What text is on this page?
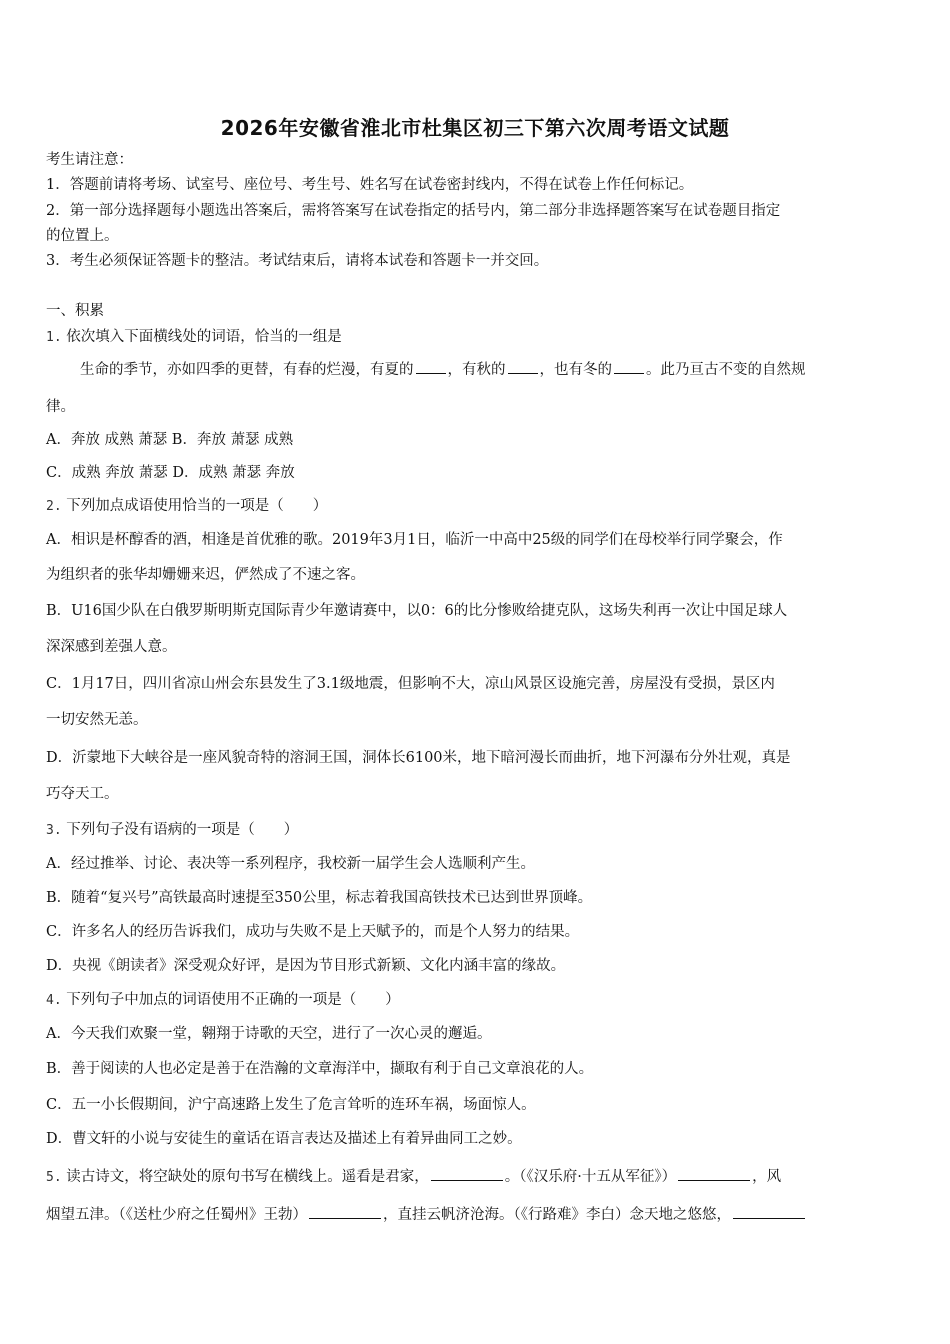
2026年安徽省淮北市杜集区初三下第六次周考语文试题
考生请注意：
1．答题前请将考场、试室号、座位号、考生号、姓名写在试卷密封线内，不得在试卷上作任何标记。
2．第一部分选择题每小题选出答案后，需将答案写在试卷指定的括号内，第二部分非选择题答案写在试卷题目指定
的位置上。
3．考生必须保证答题卡的整洁。考试结束后，请将本试卷和答题卡一并交回。
一、积累
1. 依次填入下面横线处的词语，恰当的一组是
生命的季节，亦如四季的更替，有春的烂漫，有夏的 ，有秋的 ，也有冬的 。此乃亘古不变的自然规
律。
A．奔放 成熟 萧瑟 B．奔放 萧瑟 成熟
C．成熟 奔放 萧瑟 D．成熟 萧瑟 奔放
2. 下列加点成语使用恰当的一项是（　　）
A．相识是杯醇香的酒，相逢是首优雅的歌。2019年3月1日，临沂一中高中25级的同学们在母校举行同学聚会，作
为组织者的张华却姗姗来迟，俨然成了不速之客。
B．U16国少队在白俄罗斯明斯克国际青少年邀请赛中，以0：6的比分惨败给捷克队，这场失利再一次让中国足球人
深深感到差强人意。
C．1月17日，四川省凉山州会东县发生了3.1级地震，但影响不大，凉山风景区设施完善，房屋没有受损，景区内
一切安然无恙。
D．沂蒙地下大峡谷是一座风貌奇特的溶洞王国，洞体长6100米，地下暗河漫长而曲折，地下河瀑布分外壮观，真是
巧夺天工。
3. 下列句子没有语病的一项是（　　）
A．经过推举、讨论、表决等一系列程序，我校新一届学生会人选顺利产生。
B．随着“复兴号”高铁最高时速提至350公里，标志着我国高铁技术已达到世界顶峰。
C．许多名人的经历告诉我们，成功与失败不是上天赋予的，而是个人努力的结果。
D．央视《朗读者》深受观众好评，是因为节目形式新颖、文化内涵丰富的缘故。
4. 下列句子中加点的词语使用不正确的一项是（　　）
A．今天我们欢聚一堂，翱翔于诗歌的天空，进行了一次心灵的邂逅。
B．善于阅读的人也必定是善于在浩瀚的文章海洋中，撷取有利于自己文章浪花的人。
C．五一小长假期间，沪宁高速路上发生了危言耸听的连环车祸，场面惊人。
D．曹文轩的小说与安徒生的童话在语言表达及描述上有着异曲同工之妙。
5. 读古诗文，将空缺处的原句书写在横线上。遥看是君家，	。（《汉乐府·十五从军征》）	，风
烟望五津。（《送杜少府之任蜀州》王勃）	，直挂云帆济沧海。（《行路难》李白）念天地之悠悠，
